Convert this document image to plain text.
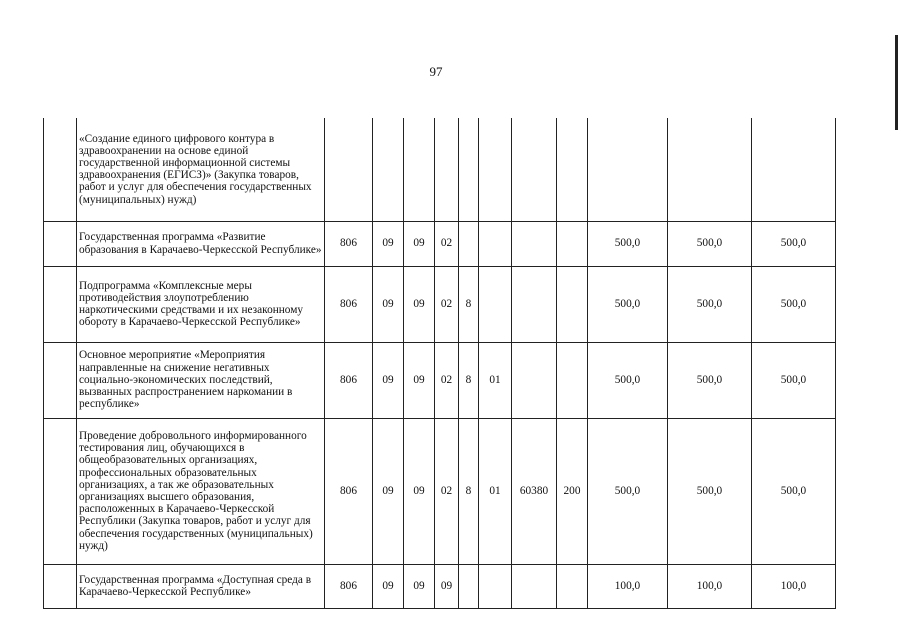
97
	«Создание единого цифрового контура в здравоохранении на основе единой государственной информационной системы здравоохранения (ЕГИСЗ)» (Закупка товаров, работ и услуг для обеспечения государственных (муниципальных) нужд)											
	Государственная программа «Развитие образования в Карачаево-Черкесской Республике»	806	09	09	02					500,0	500,0	500,0
	Подпрограмма «Комплексные меры противодействия злоупотреблению наркотическими средствами и их незаконному обороту в Карачаево-Черкесской Республике»	806	09	09	02	8				500,0	500,0	500,0
	Основное мероприятие «Мероприятия направленные на снижение негативных социально-экономических последствий, вызванных распространением наркомании в республике»	806	09	09	02	8	01			500,0	500,0	500,0
	Проведение добровольного информированного тестирования лиц, обучающихся в общеобразовательных организациях, профессиональных образовательных организациях, а так же образовательных организациях высшего образования, расположенных в Карачаево-Черкесской Республики (Закупка товаров, работ и услуг для обеспечения государственных (муниципальных) нужд)	806	09	09	02	8	01	60380	200	500,0	500,0	500,0
	Государственная программа «Доступная среда в Карачаево-Черкесской Республике»	806	09	09	09					100,0	100,0	100,0
